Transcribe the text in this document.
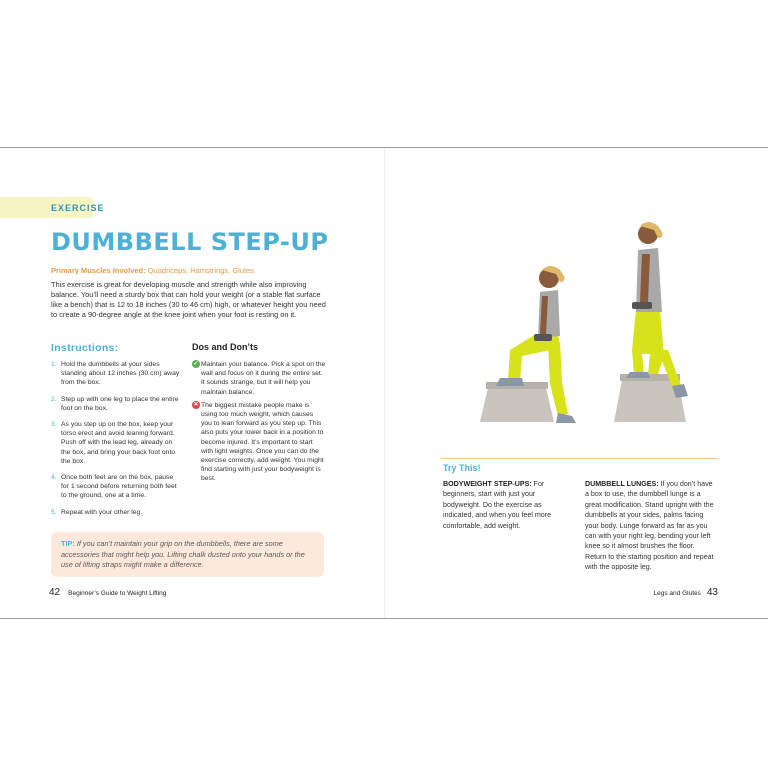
EXERCISE
DUMBBELL STEP-UP
Primary Muscles Involved: Quadriceps, Hamstrings, Glutes

This exercise is great for developing muscle and strength while also improving balance. You’ll need a sturdy box that can hold your weight (or a stable flat surface like a bench) that is 12 to 18 inches (30 to 46 cm) high, or whatever height you need to create a 90-degree angle at the knee joint when your foot is resting on it.

Instructions:
1. Hold the dumbbells at your sides standing about 12 inches (30 cm) away from the box.
2. Step up with one leg to place the entire foot on the box.
3. As you step up on the box, keep your torso erect and avoid leaning forward. Push off with the lead leg, already on the box, and bring your back foot onto the box.
4. Once both feet are on the box, pause for 1 second before returning both feet to the ground, one at a time.
5. Repeat with your other leg.
Dos and Don’ts
✓ Maintain your balance. Pick a spot on the wall and focus on it during the entire set. It sounds strange, but it will help you maintain balance.
✕ The biggest mistake people make is using too much weight, which causes you to lean forward as you step up. This also puts your lower back in a position to become injured. It’s important to start with light weights. Once you can do the exercise correctly, add weight. You might find starting with just your bodyweight is best.
TIP: If you can’t maintain your grip on the dumbbells, there are some accessories that might help you. Lifting chalk dusted onto your hands or the use of lifting straps might make a difference.
42 Beginner’s Guide to Weight Lifting
Try This!
BODYWEIGHT STEP-UPS: For beginners, start with just your bodyweight. Do the exercise as indicated, and when you feel more comfortable, add weight.
DUMBBELL LUNGES: If you don’t have a box to use, the dumbbell lunge is a great modification. Stand upright with the dumbbells at your sides, palms facing your body. Lunge forward as far as you can with your right leg, bending your left knee so it almost brushes the floor. Return to the starting position and repeat with the opposite leg.
Legs and Glutes 43
